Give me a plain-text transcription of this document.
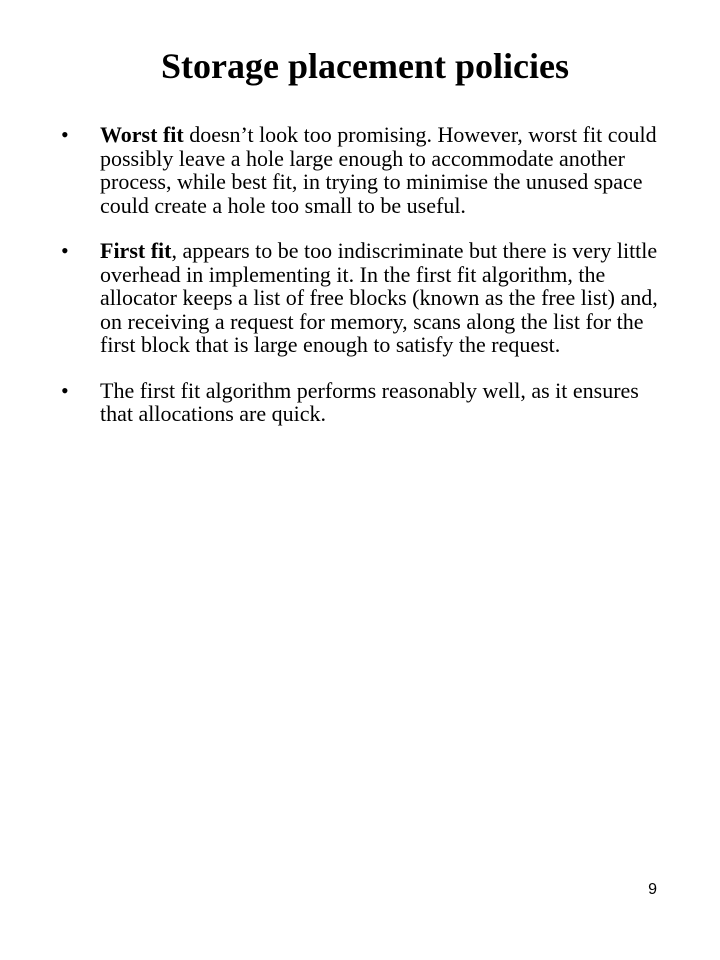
Storage placement policies
• Worst fit doesn’t look too promising. However, worst fit could possibly leave a hole large enough to accommodate another process, while best fit, in trying to minimise the unused space could create a hole too small to be useful.
• First fit, appears to be too indiscriminate but there is very little overhead in implementing it. In the first fit algorithm, the allocator keeps a list of free blocks (known as the free list) and, on receiving a request for memory, scans along the list for the first block that is large enough to satisfy the request.
• The first fit algorithm performs reasonably well, as it ensures that allocations are quick.
9
